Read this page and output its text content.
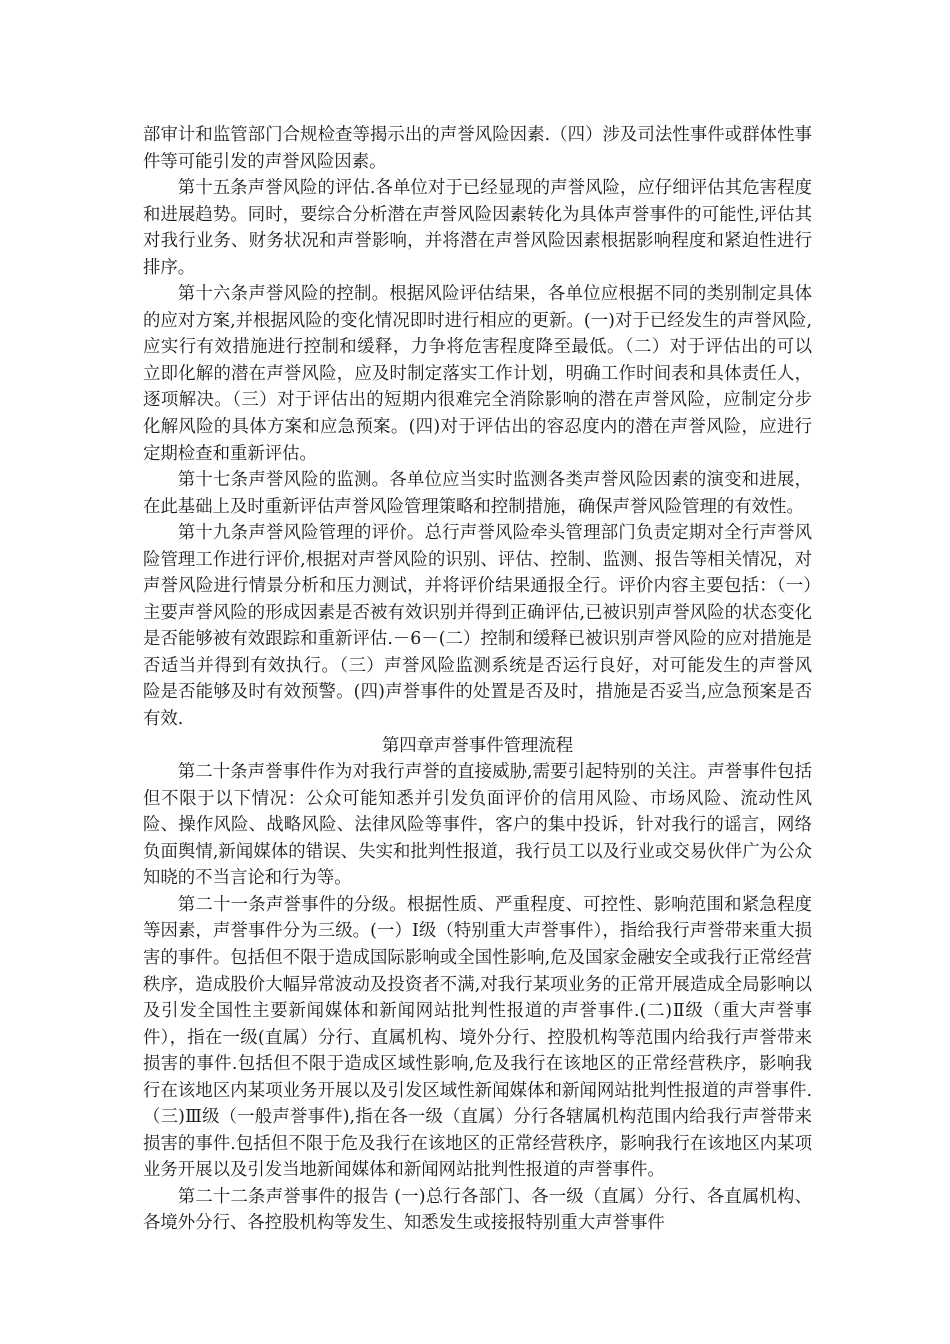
部审计和监管部门合规检查等揭示出的声誉风险因素.（四）涉及司法性事件或群体性事件等可能引发的声誉风险因素。

第十五条声誉风险的评估.各单位对于已经显现的声誉风险，应仔细评估其危害程度和进展趋势。同时，要综合分析潜在声誉风险因素转化为具体声誉事件的可能性,评估其对我行业务、财务状况和声誉影响，并将潜在声誉风险因素根据影响程度和紧迫性进行排序。

第十六条声誉风险的控制。根据风险评估结果，各单位应根据不同的类别制定具体的应对方案,并根据风险的变化情况即时进行相应的更新。(一)对于已经发生的声誉风险,应实行有效措施进行控制和缓释，力争将危害程度降至最低。（二）对于评估出的可以立即化解的潜在声誉风险，应及时制定落实工作计划，明确工作时间表和具体责任人，逐项解决。（三）对于评估出的短期内很难完全消除影响的潜在声誉风险，应制定分步化解风险的具体方案和应急预案。(四)对于评估出的容忍度内的潜在声誉风险，应进行定期检查和重新评估。

第十七条声誉风险的监测。各单位应当实时监测各类声誉风险因素的演变和进展，在此基础上及时重新评估声誉风险管理策略和控制措施，确保声誉风险管理的有效性。

第十九条声誉风险管理的评价。总行声誉风险牵头管理部门负责定期对全行声誉风险管理工作进行评价,根据对声誉风险的识别、评估、控制、监测、报告等相关情况，对声誉风险进行情景分析和压力测试，并将评价结果通报全行。评价内容主要包括：（一）主要声誉风险的形成因素是否被有效识别并得到正确评估,已被识别声誉风险的状态变化是否能够被有效跟踪和重新评估.－6－(二）控制和缓释已被识别声誉风险的应对措施是否适当并得到有效执行。（三）声誉风险监测系统是否运行良好，对可能发生的声誉风险是否能够及时有效预警。(四)声誉事件的处置是否及时，措施是否妥当,应急预案是否有效.

第四章声誉事件管理流程

第二十条声誉事件作为对我行声誉的直接威胁,需要引起特别的关注。声誉事件包括但不限于以下情况：公众可能知悉并引发负面评价的信用风险、市场风险、流动性风险、操作风险、战略风险、法律风险等事件，客户的集中投诉，针对我行的谣言，网络负面舆情,新闻媒体的错误、失实和批判性报道，我行员工以及行业或交易伙伴广为公众知晓的不当言论和行为等。

第二十一条声誉事件的分级。根据性质、严重程度、可控性、影响范围和紧急程度等因素，声誉事件分为三级。(一）Ⅰ级（特别重大声誉事件），指给我行声誉带来重大损害的事件。包括但不限于造成国际影响或全国性影响,危及国家金融安全或我行正常经营秩序，造成股价大幅异常波动及投资者不满,对我行某项业务的正常开展造成全局影响以及引发全国性主要新闻媒体和新闻网站批判性报道的声誉事件.(二)Ⅱ级（重大声誉事件），指在一级(直属）分行、直属机构、境外分行、控股机构等范围内给我行声誉带来损害的事件.包括但不限于造成区域性影响,危及我行在该地区的正常经营秩序，影响我行在该地区内某项业务开展以及引发区域性新闻媒体和新闻网站批判性报道的声誉事件.（三)Ⅲ级（一般声誉事件),指在各一级（直属）分行各辖属机构范围内给我行声誉带来损害的事件.包括但不限于危及我行在该地区的正常经营秩序，影响我行在该地区内某项业务开展以及引发当地新闻媒体和新闻网站批判性报道的声誉事件。

第二十二条声誉事件的报告 (一)总行各部门、各一级（直属）分行、各直属机构、各境外分行、各控股机构等发生、知悉发生或接报特别重大声誉事件
